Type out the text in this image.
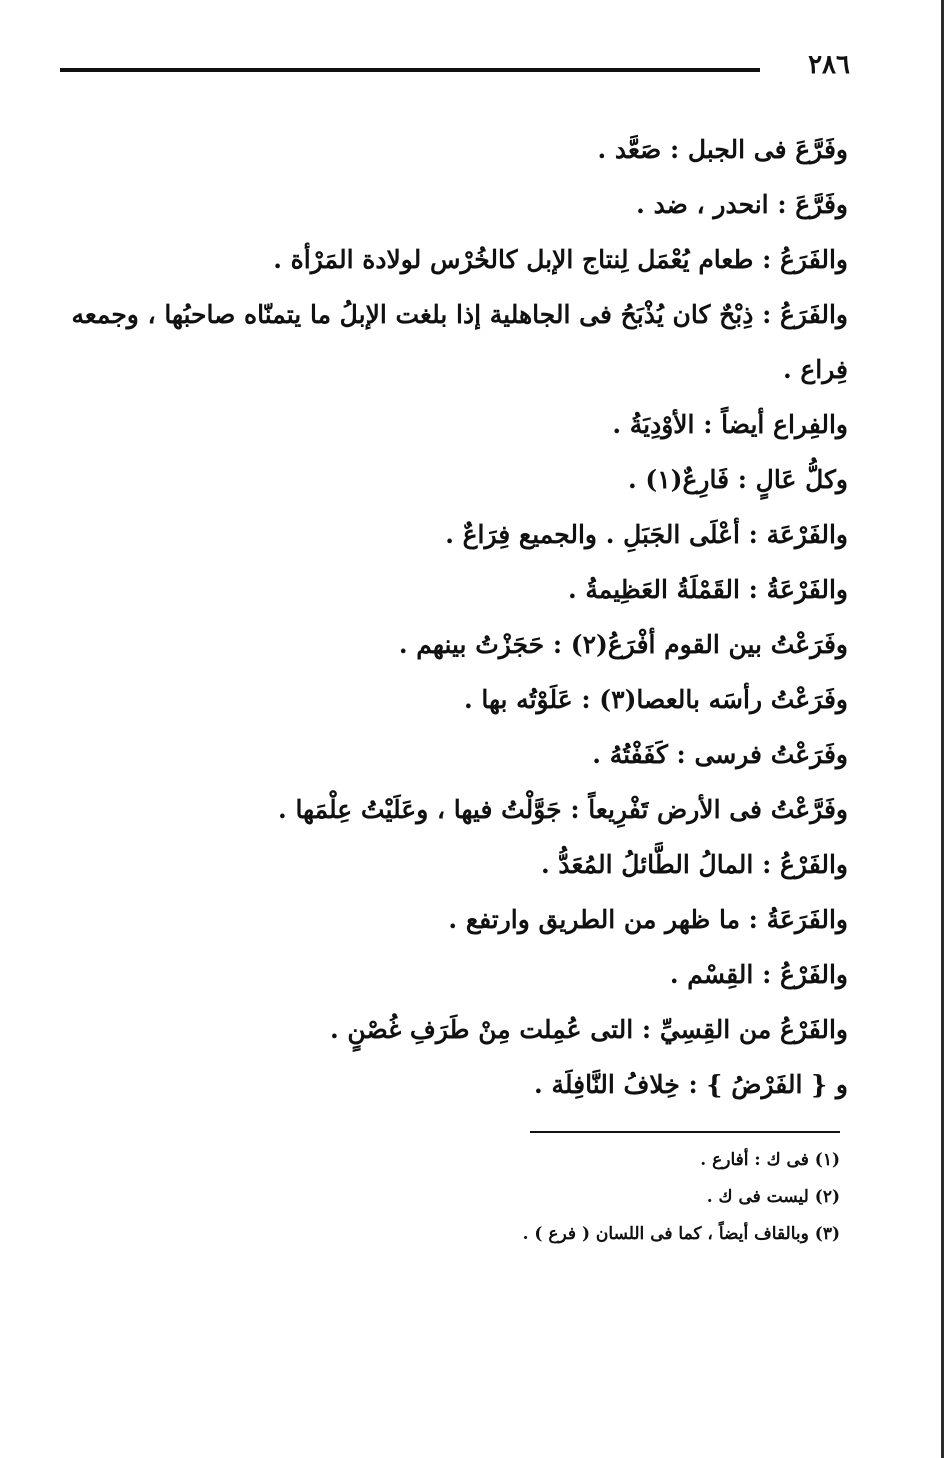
٢٨٦
وفَرَّعَ فى الجبل : صَعَّد .
وفَرَّعَ : انحدر ، ضد .
والفَرَعُ : طعام يُعْمَل لِنتاج الإبل كالخُرْس لولادة المَرْأة .
والفَرَعُ : ذِبْحٌ كان يُذْبَحُ فى الجاهلية إذا بلغت الإبلُ ما يتمنّاه صاحبُها ، وجمعه
فِراع .
والفِراع أيضاً : الأوْدِيَةُ .
وكلُّ عَالٍ : فَارِعٌ(١) .
والفَرْعَة : أعْلَى الجَبَلِ . والجميع فِرَاعٌ .
والفَرْعَةُ : القَمْلَةُ العَظِيمةُ .
وفَرَعْتُ بين القوم أفْرَعُ(٢) : حَجَزْتُ بينهم .
وفَرَعْتُ رأسَه بالعصا(٣) : عَلَوْتُه بها .
وفَرَعْتُ فرسى : كَفَفْتُهُ .
وفَرَّعْتُ فى الأرض تَفْرِيعاً : جَوَّلْتُ فيها ، وعَلَيْتُ عِلْمَها .
والفَرْعُ : المالُ الطَّائلُ المُعَدُّ .
والفَرَعَةُ : ما ظهر من الطريق وارتفع .
والفَرْعُ : القِسْم .
والفَرْعُ من القِسِيِّ : التى عُمِلت مِنْ طَرَفِ غُصْنٍ .
و { الفَرْضُ } : خِلافُ النَّافِلَة .
(١) فى ك : أفارع .
(٢) ليست فى ك .
(٣) وبالقاف أيضاً ، كما فى اللسان ( فرع ) .
